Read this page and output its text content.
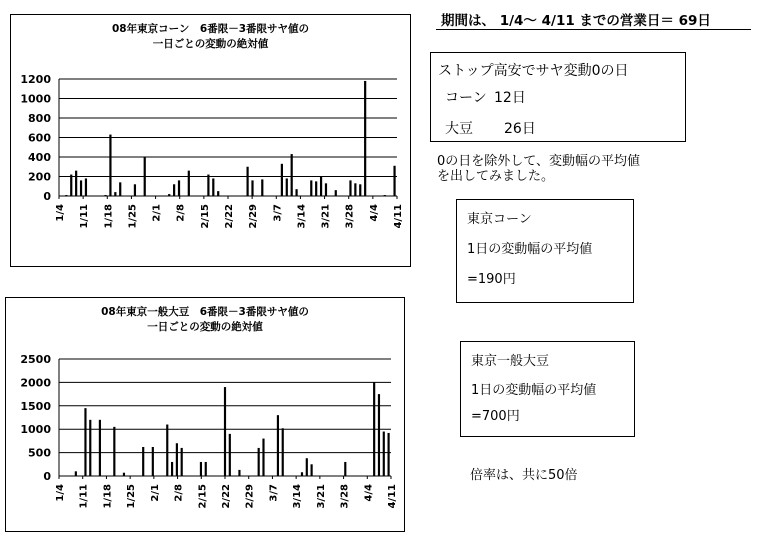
期間は、 1/4～ 4/11 までの営業日＝ 69日
08年東京コーン　6番限－3番限サヤ値の
一日ごとの変動の絶対値
0
200
400
600
800
1000
1200
1/4 1/11 1/18 1/25 2/1 2/8 2/15 2/22 2/29 3/7 3/14 3/21 3/28 4/4 4/11
08年東京一般大豆　6番限－3番限サヤ値の
一日ごとの変動の絶対値
0
500
1000
1500
2000
2500
1/4 1/11 1/18 1/25 2/1 2/8 2/15 2/22 2/29 3/7 3/14 3/21 3/28 4/4 4/11
ストップ高安でサヤ変動0の日
コーン 12日
大豆 26日
0の日を除外して、変動幅の平均値
を出してみました。
東京コーン
1日の変動幅の平均値
=190円
東京一般大豆
1日の変動幅の平均値
=700円
倍率は、共に50倍
